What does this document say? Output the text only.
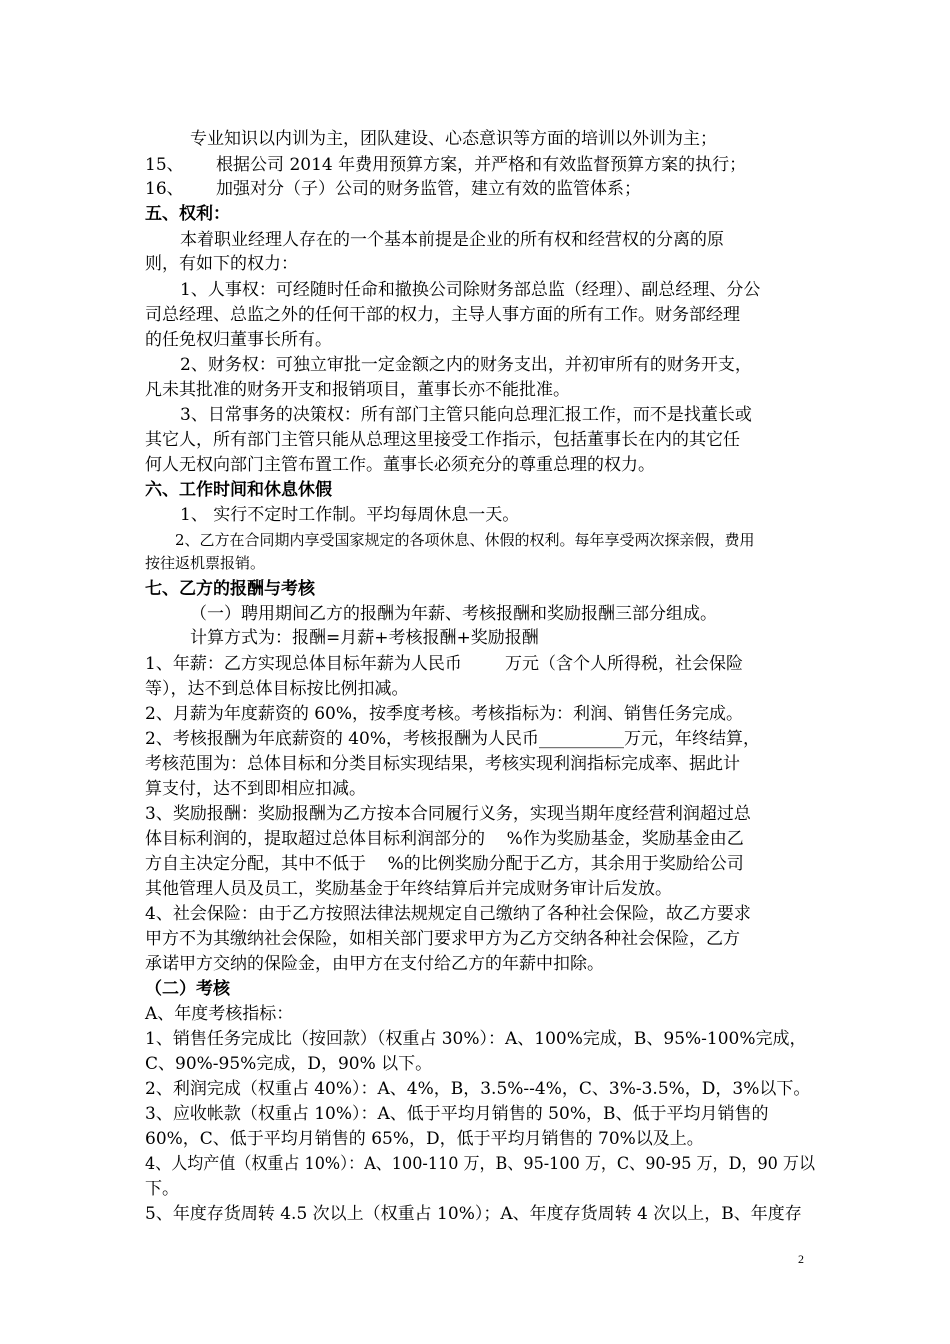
专业知识以内训为主，团队建设、心态意识等方面的培训以外训为主；
15、      根据公司 2014 年费用预算方案，并严格和有效监督预算方案的执行；
16、      加强对分（子）公司的财务监管，建立有效的监管体系；
五、权利：
本着职业经理人存在的一个基本前提是企业的所有权和经营权的分离的原
则，有如下的权力：
1、人事权：可经随时任命和撤换公司除财务部总监（经理）、副总经理、分公
司总经理、总监之外的任何干部的权力，主导人事方面的所有工作。财务部经理
的任免权归董事长所有。
2、财务权：可独立审批一定金额之内的财务支出，并初审所有的财务开支，
凡未其批准的财务开支和报销项目，董事长亦不能批准。
3、日常事务的决策权：所有部门主管只能向总理汇报工作，而不是找董长或
其它人，所有部门主管只能从总理这里接受工作指示，包括董事长在内的其它任
何人无权向部门主管布置工作。董事长必须充分的尊重总理的权力。
六、工作时间和休息休假
1、 实行不定时工作制。平均每周休息一天。
2、乙方在合同期内享受国家规定的各项休息、休假的权利。每年享受两次探亲假，费用
按往返机票报销。
七、乙方的报酬与考核
（一）聘用期间乙方的报酬为年薪、考核报酬和奖励报酬三部分组成。
计算方式为：报酬=月薪+考核报酬+奖励报酬
1、年薪：乙方实现总体目标年薪为人民币        万元（含个人所得税，社会保险
等），达不到总体目标按比例扣减。
2、月薪为年度薪资的 60%，按季度考核。考核指标为：利润、销售任务完成。
2、考核报酬为年底薪资的 40%，考核报酬为人民币__________万元，年终结算，
考核范围为：总体目标和分类目标实现结果，考核实现利润指标完成率、据此计
算支付，达不到即相应扣减。
3、奖励报酬：奖励报酬为乙方按本合同履行义务，实现当期年度经营利润超过总
体目标利润的，提取超过总体目标利润部分的    %作为奖励基金，奖励基金由乙
方自主决定分配，其中不低于    %的比例奖励分配于乙方，其余用于奖励给公司
其他管理人员及员工，奖励基金于年终结算后并完成财务审计后发放。
4、社会保险：由于乙方按照法律法规规定自己缴纳了各种社会保险，故乙方要求
甲方不为其缴纳社会保险，如相关部门要求甲方为乙方交纳各种社会保险，乙方
承诺甲方交纳的保险金，由甲方在支付给乙方的年薪中扣除。
（二）考核
A、年度考核指标：
1、销售任务完成比（按回款）（权重占 30%）：A、100%完成，B、95%-100%完成，
C、90%-95%完成，D，90% 以下。
2、利润完成（权重占 40%）：A、4%，B，3.5%--4%，C、3%-3.5%，D，3%以下。
3、应收帐款（权重占 10%）：A、低于平均月销售的 50%，B、低于平均月销售的
60%，C、低于平均月销售的 65%，D，低于平均月销售的 70%以及上。
4、人均产值（权重占 10%）：A、100-110 万，B、95-100 万，C、90-95 万，D，90 万以
下。
5、年度存货周转 4.5 次以上（权重占 10%）；A、年度存货周转 4 次以上，B、年度存
2
